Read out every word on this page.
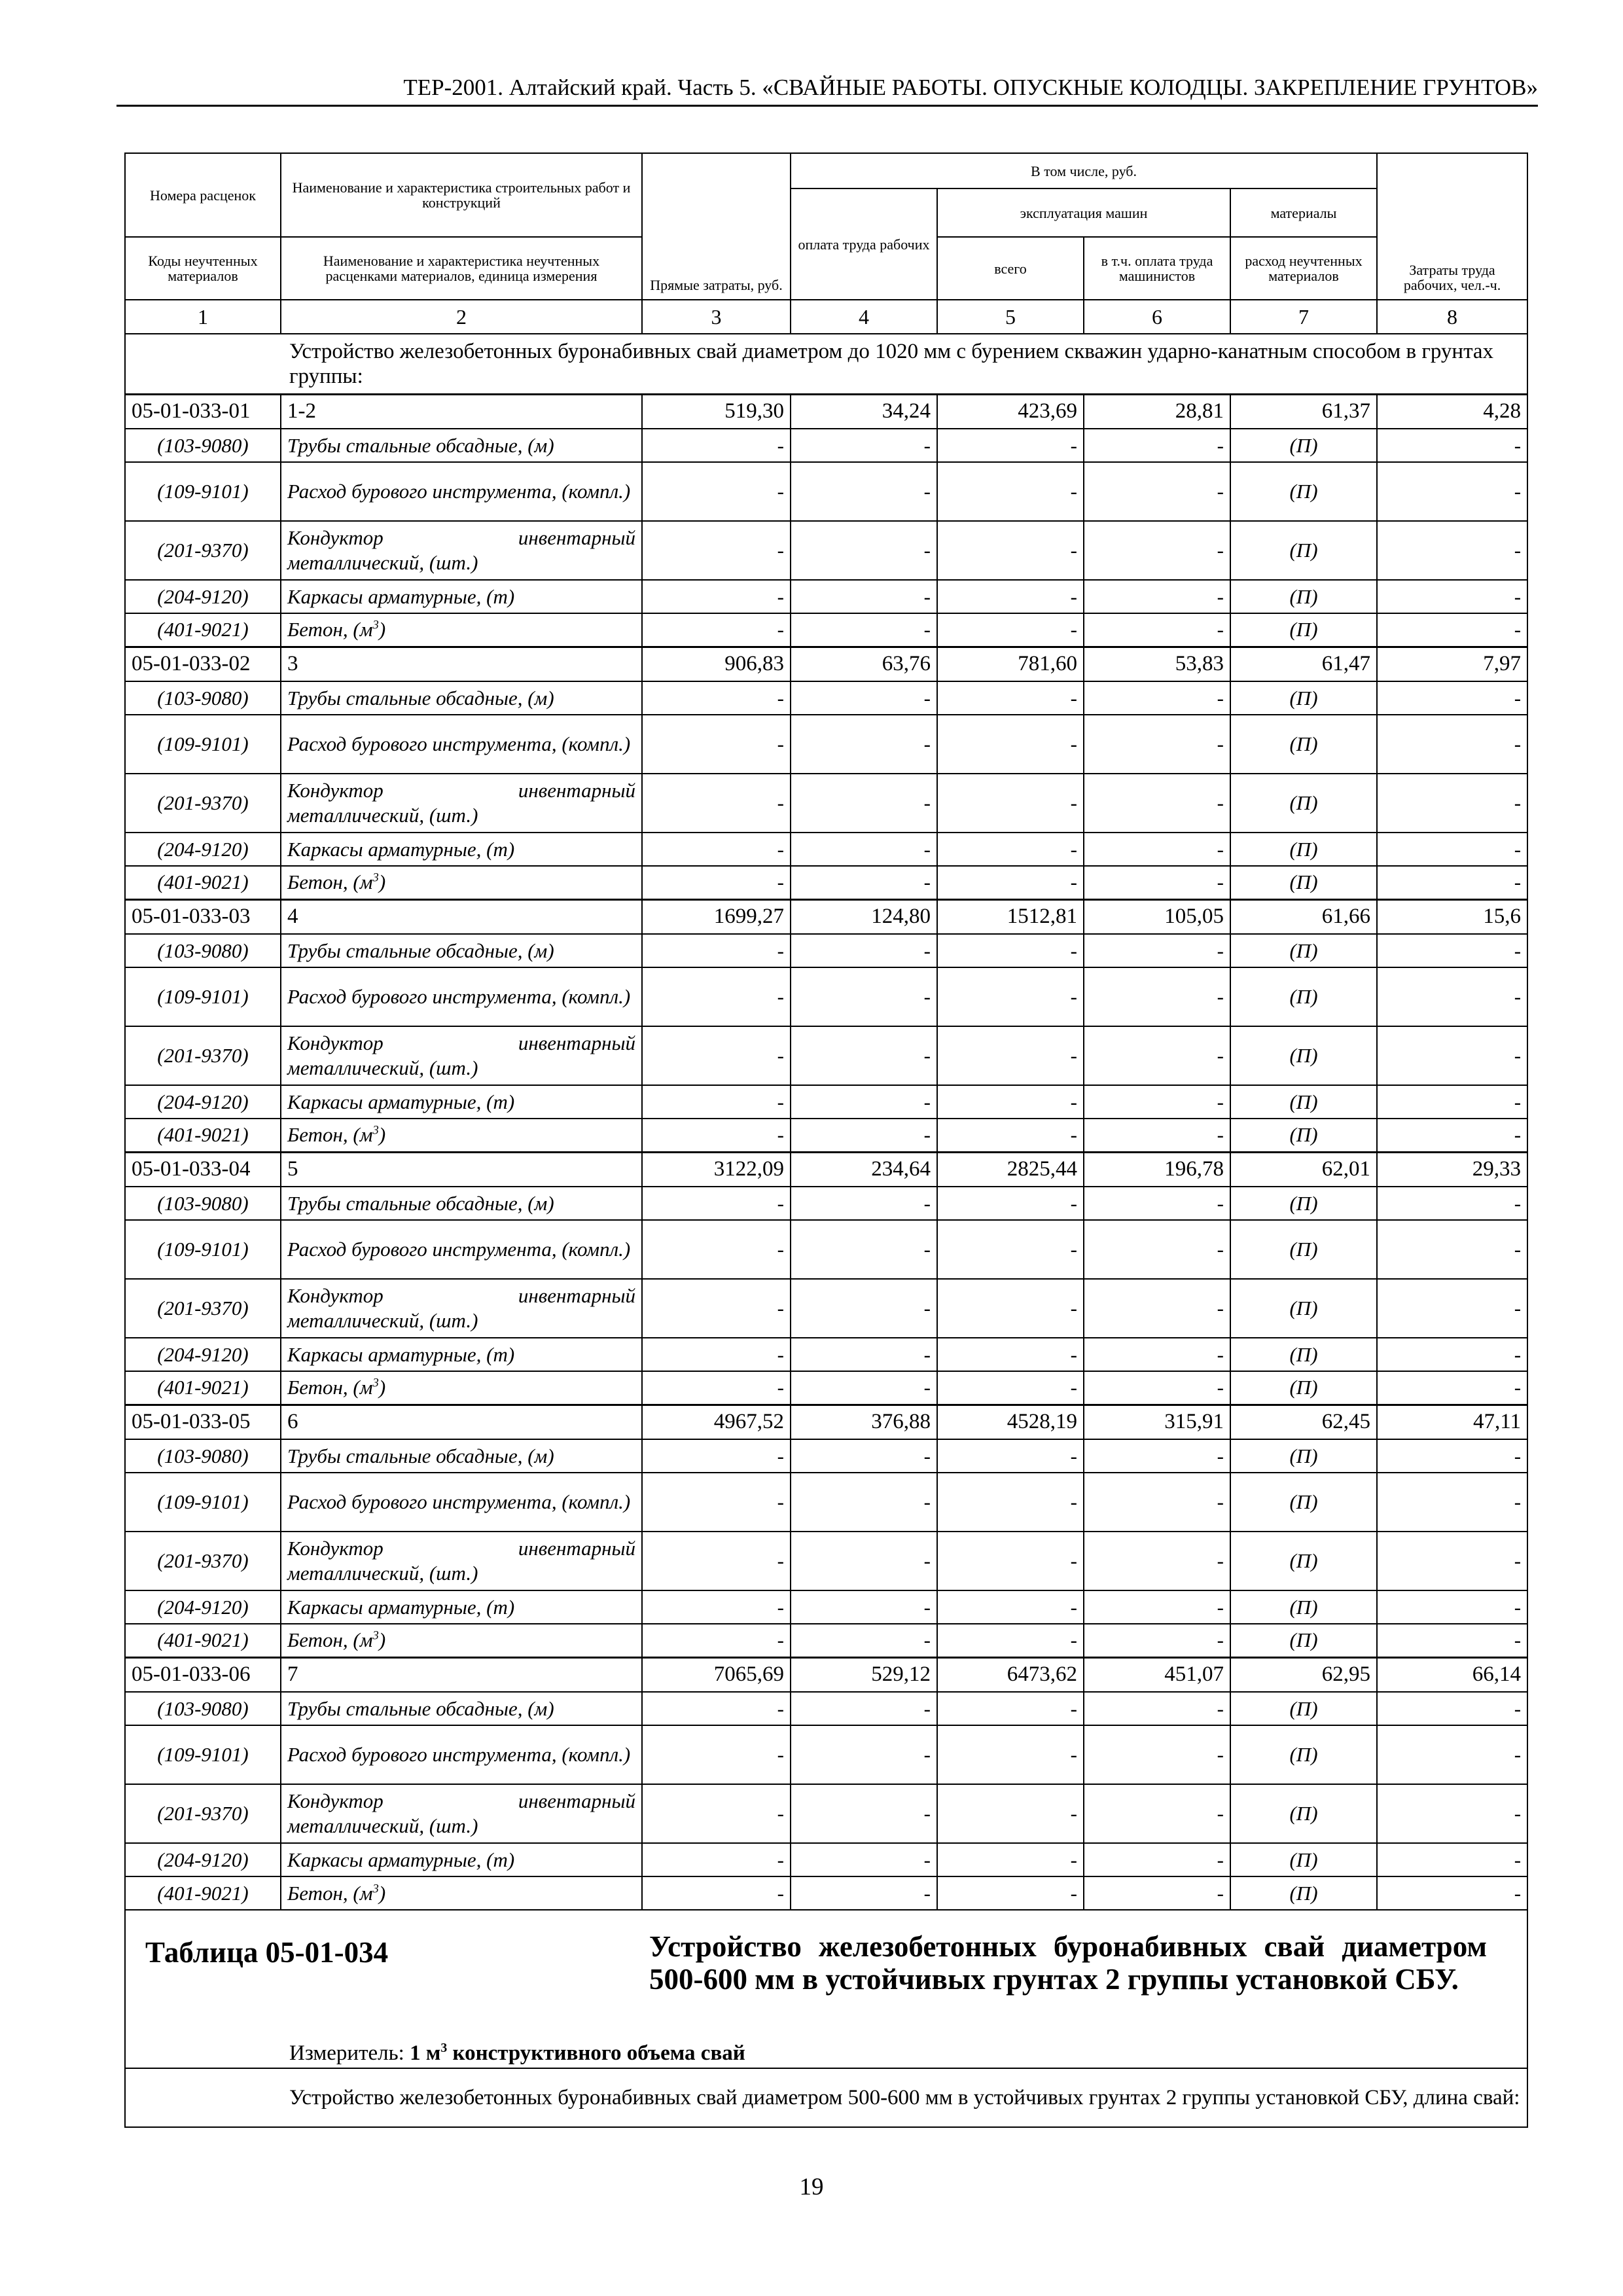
ТЕР-2001. Алтайский край. Часть 5. «СВАЙНЫЕ РАБОТЫ. ОПУСКНЫЕ КОЛОДЦЫ. ЗАКРЕПЛЕНИЕ ГРУНТОВ»
Номера расценок	Наименование и характеристика строительных работ и конструкций	Прямые затраты, руб.	В том числе, руб.				Затраты труда рабочих, чел.-ч.
			оплата труда рабочих	эксплуатация машин		материалы	
Коды неучтенных материалов	Наименование и характеристика неучтенных расценками материалов, единица измерения			всего	в т.ч. оплата труда машинистов	расход неучтенных материалов	
1	2	3	4	5	6	7	8
Устройство железобетонных буронабивных свай диаметром до 1020 мм с бурением скважин ударно-канатным способом в грунтах группы:							
05-01-033-01	1-2	519,30	34,24	423,69	28,81	61,37	4,28
(103-9080)	Трубы стальные обсадные, (м)	-	-	-	-	(П)	-
(109-9101)	Расход бурового инструмента, (компл.)	-	-	-	-	(П)	-
(201-9370)	Кондуктор инвентарный металлический, (шт.)	-	-	-	-	(П)	-
(204-9120)	Каркасы арматурные, (т)	-	-	-	-	(П)	-
(401-9021)	Бетон, $(м^3)$	-	-	-	-	(П)	-
05-01-033-02	3	906,83	63,76	781,60	53,83	61,47	7,97
(103-9080)	Трубы стальные обсадные, (м)	-	-	-	-	(П)	-
(109-9101)	Расход бурового инструмента, (компл.)	-	-	-	-	(П)	-
(201-9370)	Кондуктор инвентарный металлический, (шт.)	-	-	-	-	(П)	-
(204-9120)	Каркасы арматурные, (т)	-	-	-	-	(П)	-
(401-9021)	Бетон, $(м^3)$	-	-	-	-	(П)	-
05-01-033-03	4	1699,27	124,80	1512,81	105,05	61,66	15,6
(103-9080)	Трубы стальные обсадные, (м)	-	-	-	-	(П)	-
(109-9101)	Расход бурового инструмента, (компл.)	-	-	-	-	(П)	-
(201-9370)	Кондуктор инвентарный металлический, (шт.)	-	-	-	-	(П)	-
(204-9120)	Каркасы арматурные, (т)	-	-	-	-	(П)	-
(401-9021)	Бетон, $(м^3)$	-	-	-	-	(П)	-
05-01-033-04	5	3122,09	234,64	2825,44	196,78	62,01	29,33
(103-9080)	Трубы стальные обсадные, (м)	-	-	-	-	(П)	-
(109-9101)	Расход бурового инструмента, (компл.)	-	-	-	-	(П)	-
(201-9370)	Кондуктор инвентарный металлический, (шт.)	-	-	-	-	(П)	-
(204-9120)	Каркасы арматурные, (т)	-	-	-	-	(П)	-
(401-9021)	Бетон, $(м^3)$	-	-	-	-	(П)	-
05-01-033-05	6	4967,52	376,88	4528,19	315,91	62,45	47,11
(103-9080)	Трубы стальные обсадные, (м)	-	-	-	-	(П)	-
(109-9101)	Расход бурового инструмента, (компл.)	-	-	-	-	(П)	-
(201-9370)	Кондуктор инвентарный металлический, (шт.)	-	-	-	-	(П)	-
(204-9120)	Каркасы арматурные, (т)	-	-	-	-	(П)	-
(401-9021)	Бетон, $(м^3)$	-	-	-	-	(П)	-
05-01-033-06	7	7065,69	529,12	6473,62	451,07	62,95	66,14
(103-9080)	Трубы стальные обсадные, (м)	-	-	-	-	(П)	-
(109-9101)	Расход бурового инструмента, (компл.)	-	-	-	-	(П)	-
(201-9370)	Кондуктор инвентарный металлический, (шт.)	-	-	-	-	(П)	-
(204-9120)	Каркасы арматурные, (т)	-	-	-	-	(П)	-
(401-9021)	Бетон, $(м^3)$	-	-	-	-	(П)	-

Таблица 05-01-034 Устройство железобетонных буронабивных свай диаметром 500-600 мм в устойчивых грунтах 2 группы установкой СБУ.
Измеритель: 1 $м^3$ конструктивного объема свай							

Устройство железобетонных буронабивных свай диаметром 500-600 мм в устойчивых грунтах 2 группы установкой СБУ, длина свай:							
19
